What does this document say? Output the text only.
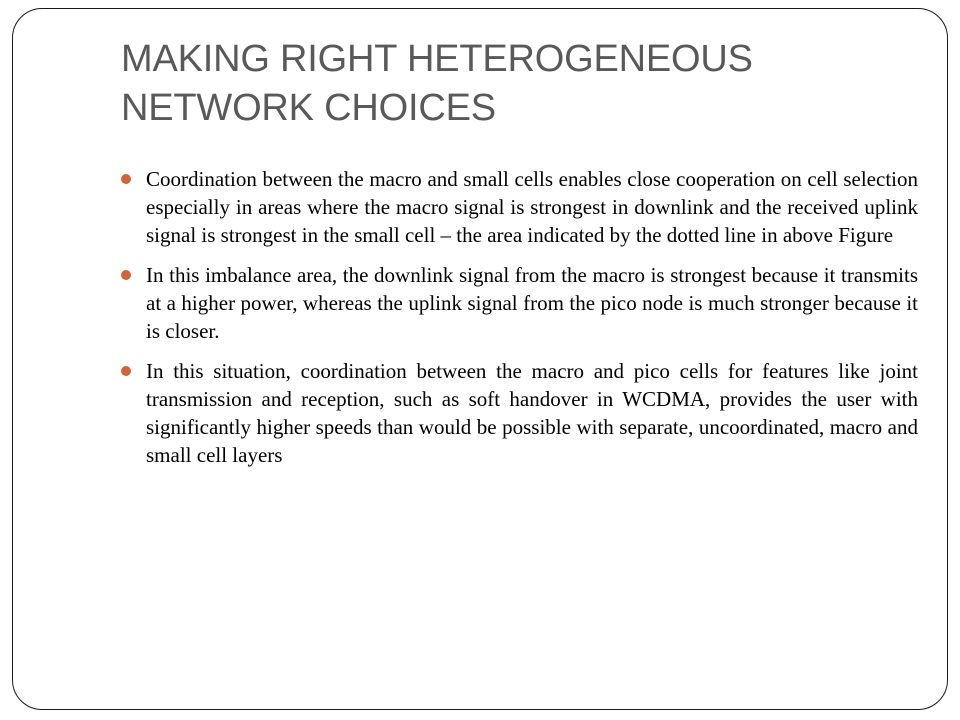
MAKING RIGHT HETEROGENEOUS NETWORK CHOICES
Coordination between the macro and small cells enables close cooperation on cell selection especially in areas where the macro signal is strongest in downlink and the received uplink signal is strongest in the small cell – the area indicated by the dotted line in above Figure
In this imbalance area, the downlink signal from the macro is strongest because it transmits at a higher power, whereas the uplink signal from the pico node is much stronger because it is closer.
In this situation, coordination between the macro and pico cells for features like joint transmission and reception, such as soft handover in WCDMA, provides the user with significantly higher speeds than would be possible with separate, uncoordinated, macro and small cell layers
